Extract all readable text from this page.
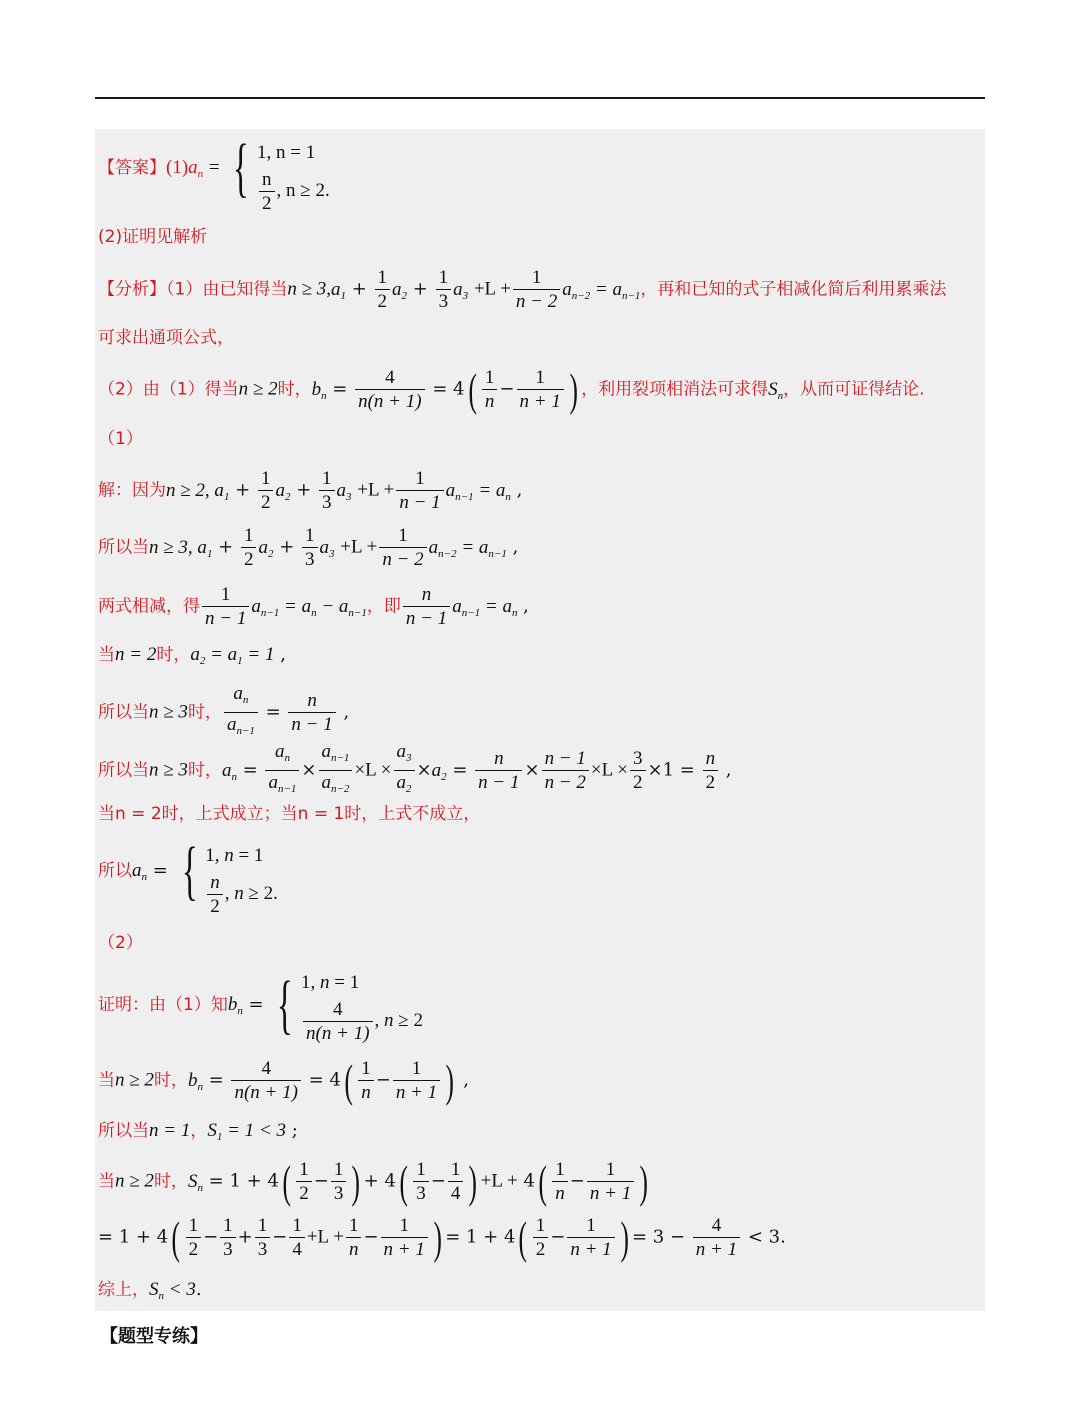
【答案】$(1)a_n$ = { 1, n = 1
$\frac{n}{2}$ , n ≥ 2.
(2)证明见解析
【分析】（1）由已知得当$n \ge 3,a_1 + \frac{1}{2} a_2 + \frac{1}{3} a_3 +L + \frac{1}{n - 2} a_{n-2} = a_{n-1}$，再和已知的式子相减化简后利用累乘法
可求出通项公式，
（2）由（1）得当n ≥ 2时，$b_n = \frac{4}{n(n + 1)} = 4( \frac{1}{n} - \frac{1}{n + 1}$ ) ，利用裂项相消法可求得$S_n$，从而可证得结论.
（1）
解：因为n ≥ 2, $a_1 + \frac{1}{2} a_2 + \frac{1}{3} a_3 +L + \frac{1}{n - 1} a_{n-1} = a_n$ ,
所以当n ≥ 3, $a_1 + \frac{1}{2} a_2 + \frac{1}{3} a_3 +L + \frac{1}{n - 2} a_{n-2} = a_{n-1}$ ,
两式相减，得 $\frac{1}{n - 1} a_{n-1} = a_n - a_{n-1}$，即 $\frac{n}{n - 1} a_{n-1} = a_n$ ,
当n = 2时，$a_2 = a_1 = 1$ ,
所以当n ≥ 3时， $\frac{a_n}{a_{n-1}} = \frac{n}{n - 1}$ ,
所以当n ≥ 3时，$a_n = \frac{a_n}{a_{n-1}} \times \frac{a_{n-1}}{a_{n-2}} \times L \times \frac{a_3}{a_2} \times a_2 = \frac{n}{n - 1} \times \frac{n - 1}{n - 2} \times L \times \frac{3}{2} \times 1 = \frac{n}{2}$ ,
当n = 2时，上式成立；当n = 1时，上式不成立，
所以$a_n$ = { 1, n = 1
$\frac{n}{2}$ , n ≥ 2.
（2）
证明：由（1）知$b_n$ = { 1, n = 1
$\frac{4}{n(n + 1)}$ , n ≥ 2
当n ≥ 2时，$b_n = \frac{4}{n(n + 1)} = 4( \frac{1}{n} - \frac{1}{n + 1}$ ) ,
所以当n = 1，$S_1 = 1 < 3$ ;
当n ≥ 2时，$S_n = 1 + 4( \frac{1}{2} - \frac{1}{3}$ ) + $4( \frac{1}{3} - \frac{1}{4}$ ) $+L + 4( \frac{1}{n} - \frac{1}{n + 1}$ )
= $1 + 4( \frac{1}{2} - \frac{1}{3} + \frac{1}{3} - \frac{1}{4} +L + \frac{1}{n} - \frac{1}{n + 1}$ ) = $1 + 4( \frac{1}{2} - \frac{1}{n + 1}$ ) = $3 - \frac{4}{n + 1} < 3$.
综上，$S_n < 3$.
【题型专练】
